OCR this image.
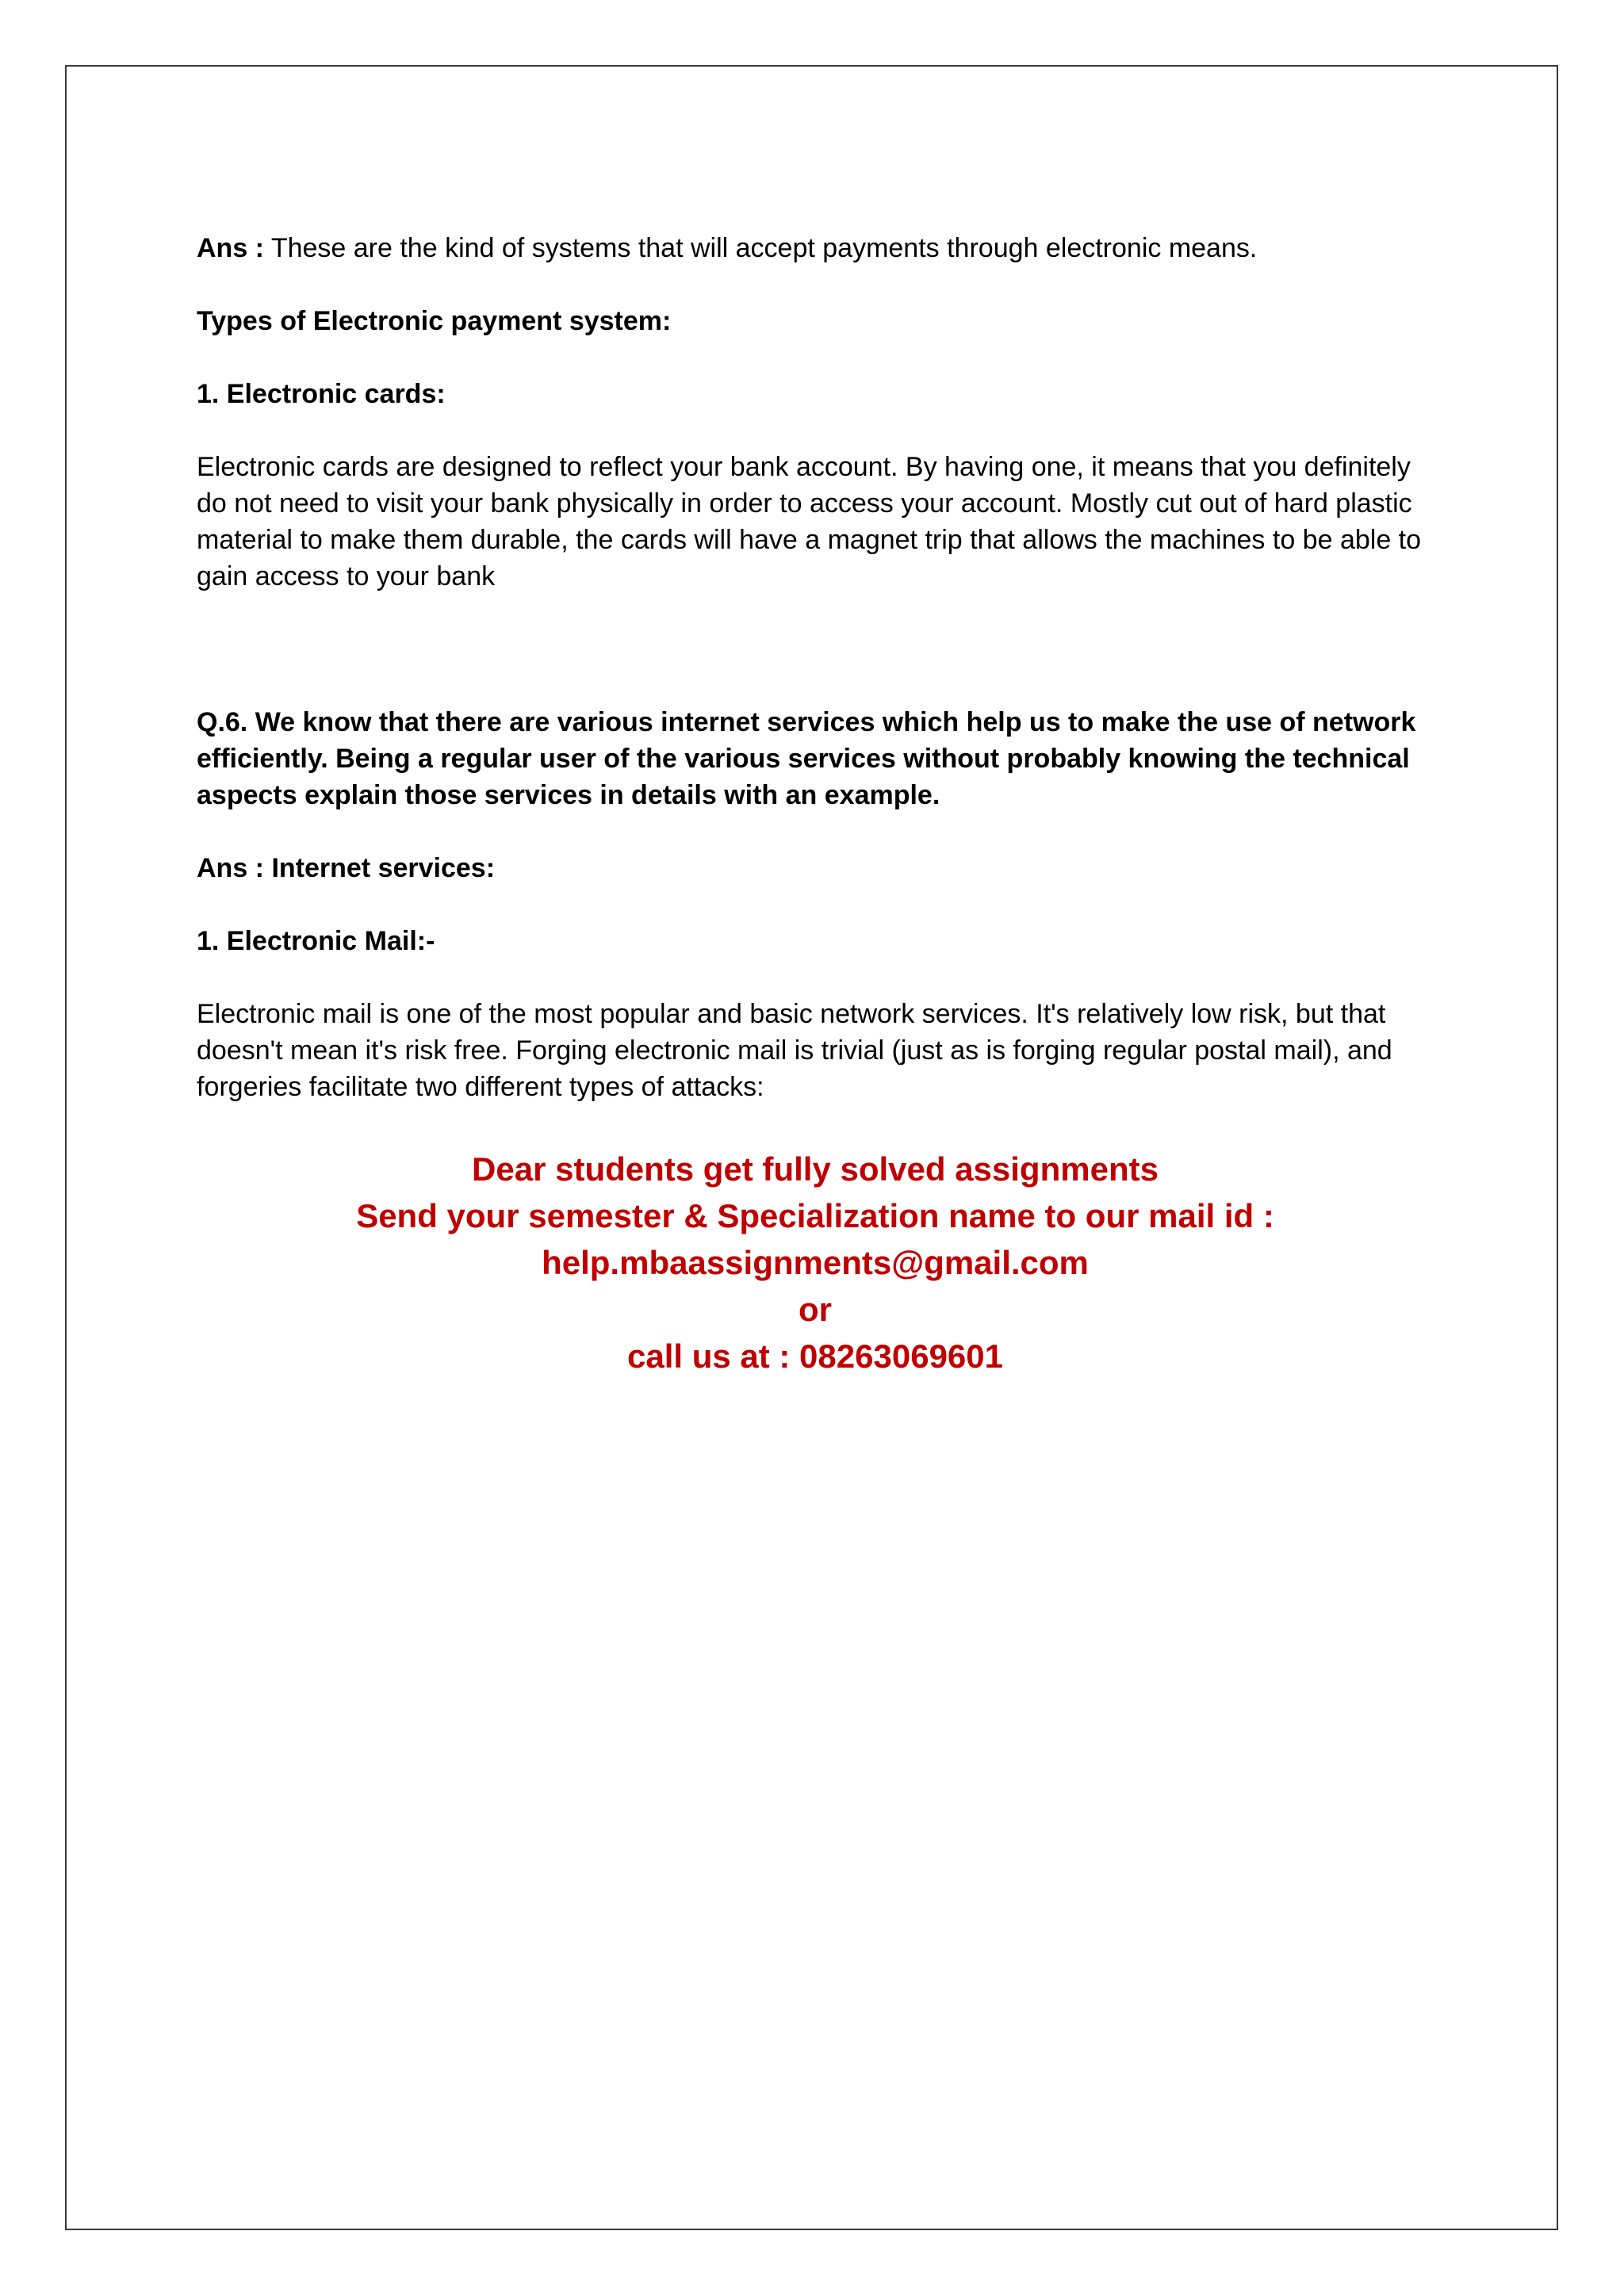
Ans : These are the kind of systems that will accept payments through electronic means.

Types of Electronic payment system:

1. Electronic cards:

Electronic cards are designed to reflect your bank account. By having one, it means that you definitely do not need to visit your bank physically in order to access your account. Mostly cut out of hard plastic material to make them durable, the cards will have a magnet trip that allows the machines to be able to gain access to your bank

Q.6. We know that there are various internet services which help us to make the use of network efficiently. Being a regular user of the various services without probably knowing the technical aspects explain those services in details with an example.

Ans : Internet services:

1. Electronic Mail:-

Electronic mail is one of the most popular and basic network services. It's relatively low risk, but that doesn't mean it's risk free. Forging electronic mail is trivial (just as is forging regular postal mail), and forgeries facilitate two different types of attacks:

Dear students get fully solved assignments
Send your semester & Specialization name to our mail id :
help.mbaassignments@gmail.com
or
call us at : 08263069601
